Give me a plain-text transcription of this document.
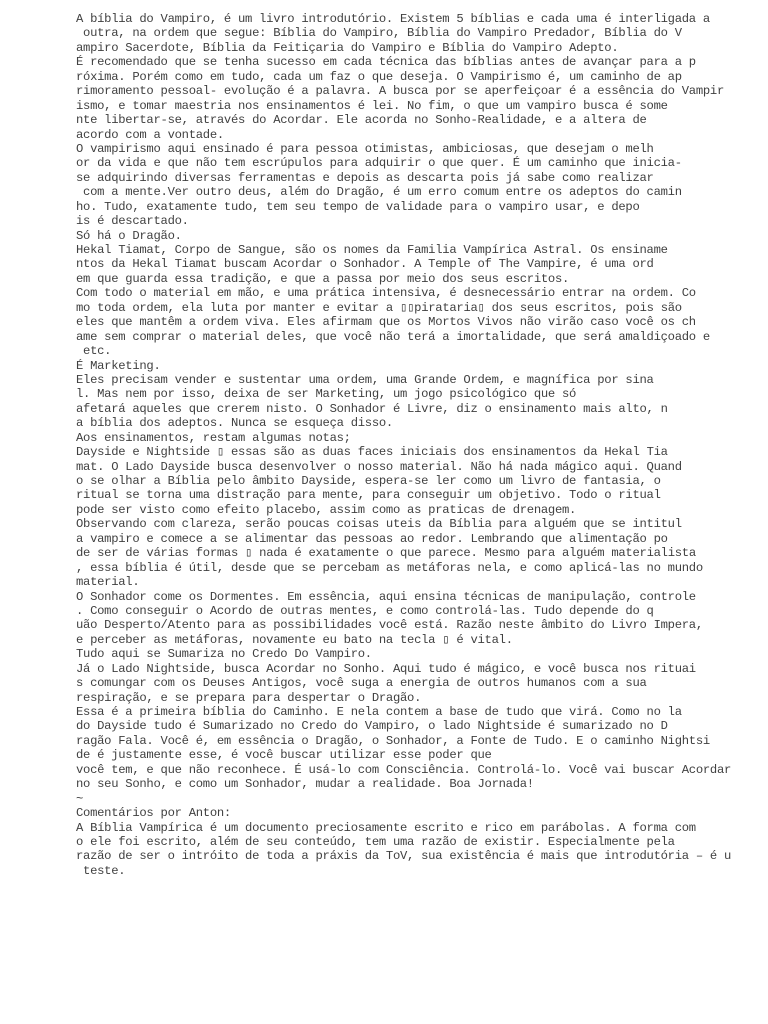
A bíblia do Vampiro, é um livro introdutório. Existem 5 bíblias e cada uma é interligada a
outra, na ordem que segue: Bíblia do Vampiro, Bíblia do Vampiro Predador, Bíblia do V
ampiro Sacerdote, Bíblia da Feitiçaria do Vampiro e Bíblia do Vampiro Adepto.
É recomendado que se tenha sucesso em cada técnica das bíblias antes de avançar para a p
róxima. Porém como em tudo, cada um faz o que deseja. O Vampirismo é, um caminho de ap
rimoramento pessoal- evolução é a palavra. A busca por se aperfeiçoar é a essência do Vampir
ismo, e tomar maestria nos ensinamentos é lei. No fim, o que um vampiro busca é some
nte libertar-se, através do Acordar. Ele acorda no Sonho-Realidade, e a altera de
acordo com a vontade.
O vampirismo aqui ensinado é para pessoa otimistas, ambiciosas, que desejam o melh
or da vida e que não tem escrúpulos para adquirir o que quer. É um caminho que inicia-
se adquirindo diversas ferramentas e depois as descarta pois já sabe como realizar
com a mente.Ver outro deus, além do Dragão, é um erro comum entre os adeptos do camin
ho. Tudo, exatamente tudo, tem seu tempo de validade para o vampiro usar, e depo
is é descartado.
Só há o Dragão.
Hekal Tiamat, Corpo de Sangue, são os nomes da Familia Vampírica Astral. Os ensiname
ntos da Hekal Tiamat buscam Acordar o Sonhador. A Temple of The Vampire, é uma ord
em que guarda essa tradição, e que a passa por meio dos seus escritos.
Com todo o material em mão, e uma prática intensiva, é desnecessário entrar na ordem. Co
mo toda ordem, ela luta por manter e evitar a ▯▯pirataria▯ dos seus escritos, pois são
eles que mantêm a ordem viva. Eles afirmam que os Mortos Vivos não virão caso você os ch
ame sem comprar o material deles, que você não terá a imortalidade, que será amaldiçoado e
etc.
É Marketing.
Eles precisam vender e sustentar uma ordem, uma Grande Ordem, e magnífica por sina
l. Mas nem por isso, deixa de ser Marketing, um jogo psicológico que só
afetará aqueles que crerem nisto. O Sonhador é Livre, diz o ensinamento mais alto, n
a bíblia dos adeptos. Nunca se esqueça disso.
Aos ensinamentos, restam algumas notas;
Dayside e Nightside ▯ essas são as duas faces iniciais dos ensinamentos da Hekal Tia
mat. O Lado Dayside busca desenvolver o nosso material. Não há nada mágico aqui. Quand
o se olhar a Bíblia pelo âmbito Dayside, espera-se ler como um livro de fantasia, o
ritual se torna uma distração para mente, para conseguir um objetivo. Todo o ritual
pode ser visto como efeito placebo, assim como as praticas de drenagem.
Observando com clareza, serão poucas coisas uteis da Bíblia para alguém que se intitul
a vampiro e comece a se alimentar das pessoas ao redor. Lembrando que alimentação po
de ser de várias formas ▯ nada é exatamente o que parece. Mesmo para alguém materialista
, essa bíblia é útil, desde que se percebam as metáforas nela, e como aplicá-las no mundo
material.
O Sonhador come os Dormentes. Em essência, aqui ensina técnicas de manipulação, controle
. Como conseguir o Acordo de outras mentes, e como controlá-las. Tudo depende do q
uão Desperto/Atento para as possibilidades você está. Razão neste âmbito do Livro Impera,
e perceber as metáforas, novamente eu bato na tecla ▯ é vital.
Tudo aqui se Sumariza no Credo Do Vampiro.
Já o Lado Nightside, busca Acordar no Sonho. Aqui tudo é mágico, e você busca nos rituai
s comungar com os Deuses Antigos, você suga a energia de outros humanos com a sua
respiração, e se prepara para despertar o Dragão.
Essa é a primeira bíblia do Caminho. E nela contem a base de tudo que virá. Como no la
do Dayside tudo é Sumarizado no Credo do Vampiro, o lado Nightside é sumarizado no D
ragão Fala. Você é, em essência o Dragão, o Sonhador, a Fonte de Tudo. E o caminho Nightsi
de é justamente esse, é você buscar utilizar esse poder que
você tem, e que não reconhece. É usá-lo com Consciência. Controlá-lo. Você vai buscar Acordar
no seu Sonho, e como um Sonhador, mudar a realidade. Boa Jornada!
~
Comentários por Anton:
A Bíblia Vampírica é um documento preciosamente escrito e rico em parábolas. A forma com
o ele foi escrito, além de seu conteúdo, tem uma razão de existir. Especialmente pela
razão de ser o intróito de toda a práxis da ToV, sua existência é mais que introdutória – é u
teste.
